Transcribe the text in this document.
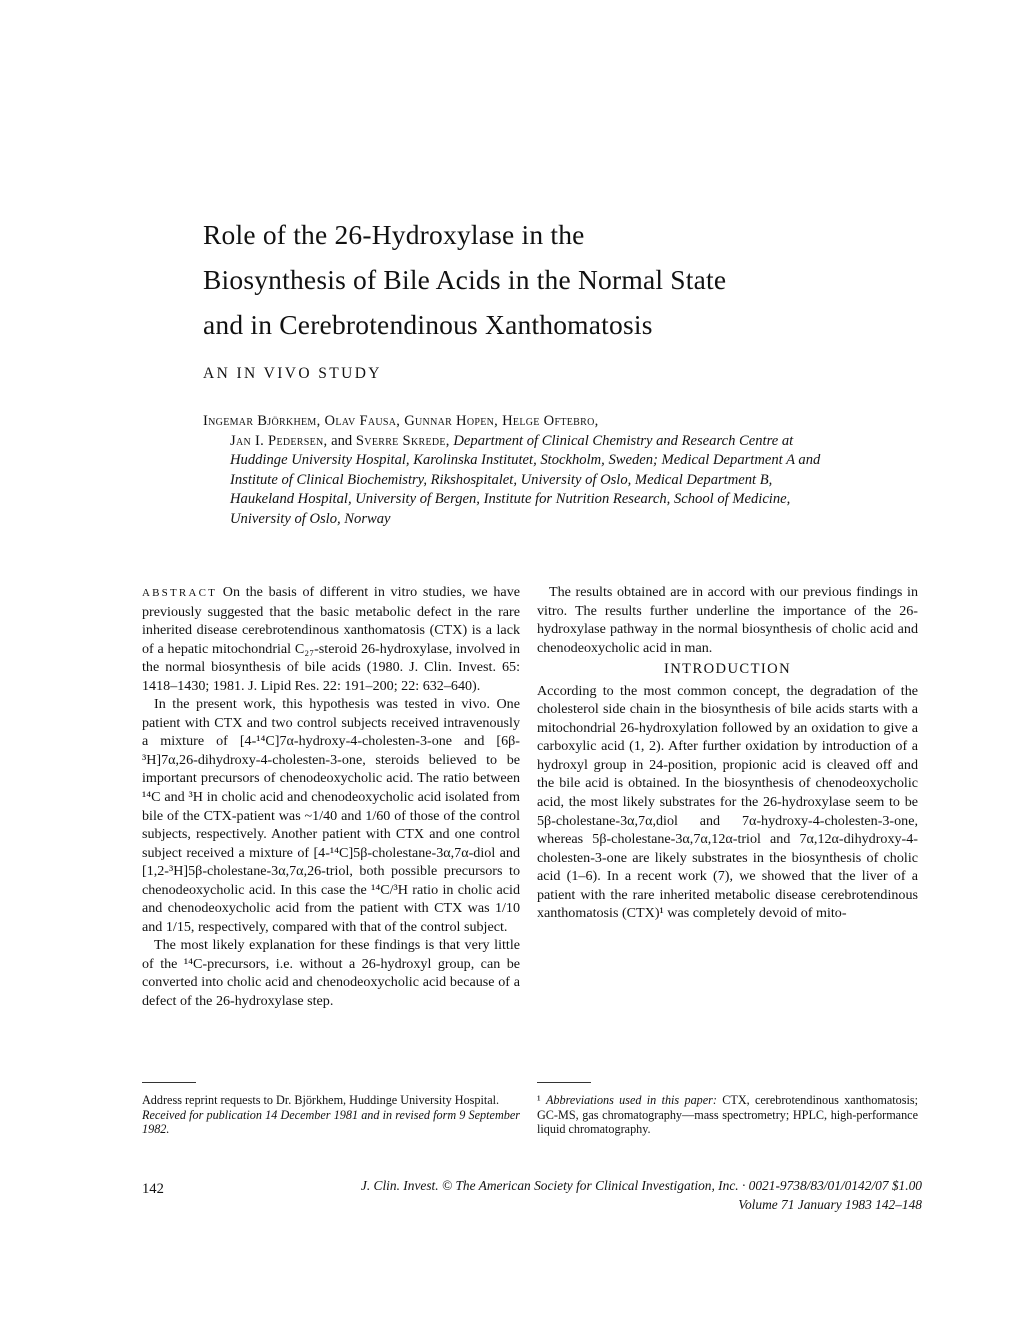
Role of the 26-Hydroxylase in the
Biosynthesis of Bile Acids in the Normal State
and in Cerebrotendinous Xanthomatosis
AN IN VIVO STUDY
Ingemar Björkhem, Olav Fausa, Gunnar Hopen, Helge Oftebro,
Jan I. Pedersen, and Sverre Skrede, Department of Clinical Chemistry and Research Centre at Huddinge University Hospital, Karolinska Institutet, Stockholm, Sweden; Medical Department A and Institute of Clinical Biochemistry, Rikshospitalet, University of Oslo, Medical Department B, Haukeland Hospital, University of Bergen, Institute for Nutrition Research, School of Medicine, University of Oslo, Norway

ABSTRACT On the basis of different in vitro studies, we have previously suggested that the basic metabolic defect in the rare inherited disease cerebrotendinous xanthomatosis (CTX) is a lack of a hepatic mitochondrial C₂₇-steroid 26-hydroxylase, involved in the normal biosynthesis of bile acids (1980. J. Clin. Invest. 65: 1418–1430; 1981. J. Lipid Res. 22: 191–200; 22: 632–640).

In the present work, this hypothesis was tested in vivo. One patient with CTX and two control subjects received intravenously a mixture of [4-¹⁴C]7α-hydroxy-4-cholesten-3-one and [6β-³H]7α,26-dihydroxy-4-cholesten-3-one, steroids believed to be important precursors of chenodeoxycholic acid. The ratio between ¹⁴C and ³H in cholic acid and chenodeoxycholic acid isolated from bile of the CTX-patient was ~1/40 and 1/60 of those of the control subjects, respectively. Another patient with CTX and one control subject received a mixture of [4-¹⁴C]5β-cholestane-3α,7α-diol and [1,2-³H]5β-cholestane-3α,7α,26-triol, both possible precursors to chenodeoxycholic acid. In this case the ¹⁴C/³H ratio in cholic acid and chenodeoxycholic acid from the patient with CTX was 1/10 and 1/15, respectively, compared with that of the control subject.

The most likely explanation for these findings is that very little of the ¹⁴C-precursors, i.e. without a 26-hydroxyl group, can be converted into cholic acid and chenodeoxycholic acid because of a defect of the 26-hydroxylase step.

The results obtained are in accord with our previous findings in vitro. The results further underline the importance of the 26-hydroxylase pathway in the normal biosynthesis of cholic acid and chenodeoxycholic acid in man.

INTRODUCTION

According to the most common concept, the degradation of the cholesterol side chain in the biosynthesis of bile acids starts with a mitochondrial 26-hydroxylation followed by an oxidation to give a carboxylic acid (1, 2). After further oxidation by introduction of a hydroxyl group in 24-position, propionic acid is cleaved off and the bile acid is obtained. In the biosynthesis of chenodeoxycholic acid, the most likely substrates for the 26-hydroxylase seem to be 5β-cholestane-3α,7α,diol and 7α-hydroxy-4-cholesten-3-one, whereas 5β-cholestane-3α,7α,12α-triol and 7α,12α-dihydroxy-4-cholesten-3-one are likely substrates in the biosynthesis of cholic acid (1–6). In a recent work (7), we showed that the liver of a patient with the rare inherited metabolic disease cerebrotendinous xanthomatosis (CTX)¹ was completely devoid of mito-

Address reprint requests to Dr. Björkhem, Huddinge University Hospital.

Received for publication 14 December 1981 and in revised form 9 September 1982.

¹ Abbreviations used in this paper: CTX, cerebrotendinous xanthomatosis; GC-MS, gas chromatography—mass spectrometry; HPLC, high-performance liquid chromatography.

142	J. Clin. Invest. © The American Society for Clinical Investigation, Inc. · 0021-9738/83/01/0142/07 $1.00
Volume 71 January 1983 142–148
